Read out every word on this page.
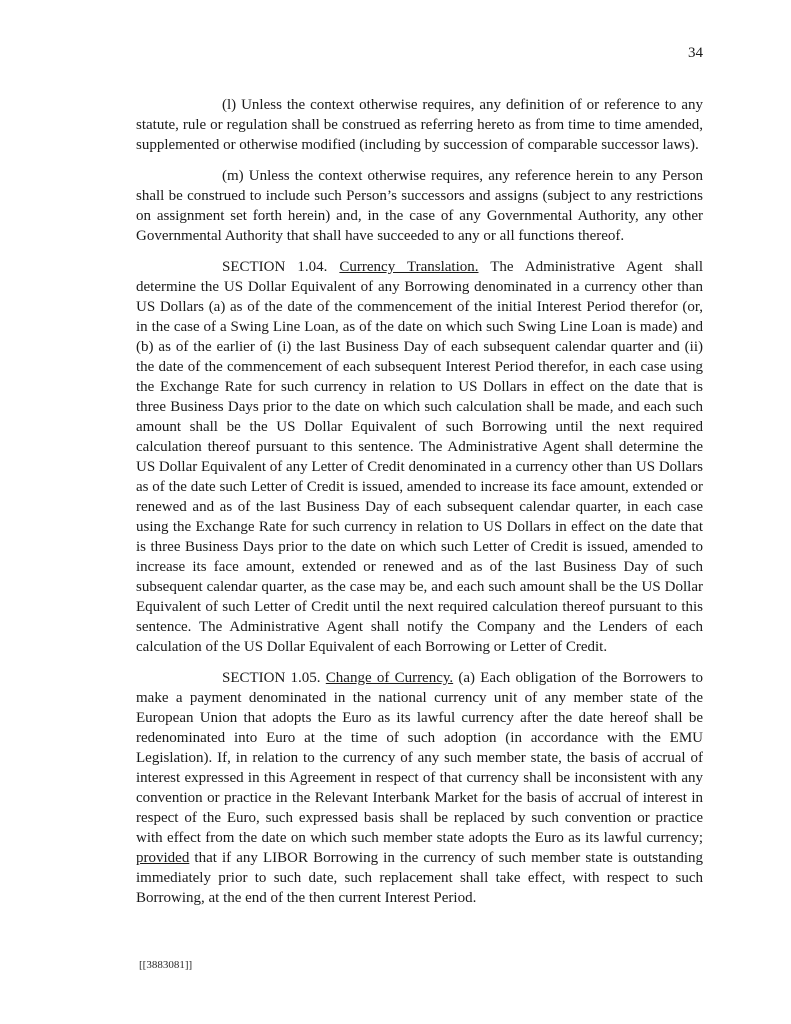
34

(l) Unless the context otherwise requires, any definition of or reference to any statute, rule or regulation shall be construed as referring hereto as from time to time amended, supplemented or otherwise modified (including by succession of comparable successor laws).

(m) Unless the context otherwise requires, any reference herein to any Person shall be construed to include such Person’s successors and assigns (subject to any restrictions on assignment set forth herein) and, in the case of any Governmental Authority, any other Governmental Authority that shall have succeeded to any or all functions thereof.

SECTION 1.04. Currency Translation. The Administrative Agent shall determine the US Dollar Equivalent of any Borrowing denominated in a currency other than US Dollars (a) as of the date of the commencement of the initial Interest Period therefor (or, in the case of a Swing Line Loan, as of the date on which such Swing Line Loan is made) and (b) as of the earlier of (i) the last Business Day of each subsequent calendar quarter and (ii) the date of the commencement of each subsequent Interest Period therefor, in each case using the Exchange Rate for such currency in relation to US Dollars in effect on the date that is three Business Days prior to the date on which such calculation shall be made, and each such amount shall be the US Dollar Equivalent of such Borrowing until the next required calculation thereof pursuant to this sentence. The Administrative Agent shall determine the US Dollar Equivalent of any Letter of Credit denominated in a currency other than US Dollars as of the date such Letter of Credit is issued, amended to increase its face amount, extended or renewed and as of the last Business Day of each subsequent calendar quarter, in each case using the Exchange Rate for such currency in relation to US Dollars in effect on the date that is three Business Days prior to the date on which such Letter of Credit is issued, amended to increase its face amount, extended or renewed and as of the last Business Day of such subsequent calendar quarter, as the case may be, and each such amount shall be the US Dollar Equivalent of such Letter of Credit until the next required calculation thereof pursuant to this sentence. The Administrative Agent shall notify the Company and the Lenders of each calculation of the US Dollar Equivalent of each Borrowing or Letter of Credit.

SECTION 1.05. Change of Currency. (a) Each obligation of the Borrowers to make a payment denominated in the national currency unit of any member state of the European Union that adopts the Euro as its lawful currency after the date hereof shall be redenominated into Euro at the time of such adoption (in accordance with the EMU Legislation). If, in relation to the currency of any such member state, the basis of accrual of interest expressed in this Agreement in respect of that currency shall be inconsistent with any convention or practice in the Relevant Interbank Market for the basis of accrual of interest in respect of the Euro, such expressed basis shall be replaced by such convention or practice with effect from the date on which such member state adopts the Euro as its lawful currency; provided that if any LIBOR Borrowing in the currency of such member state is outstanding immediately prior to such date, such replacement shall take effect, with respect to such Borrowing, at the end of the then current Interest Period.

[[3883081]]
